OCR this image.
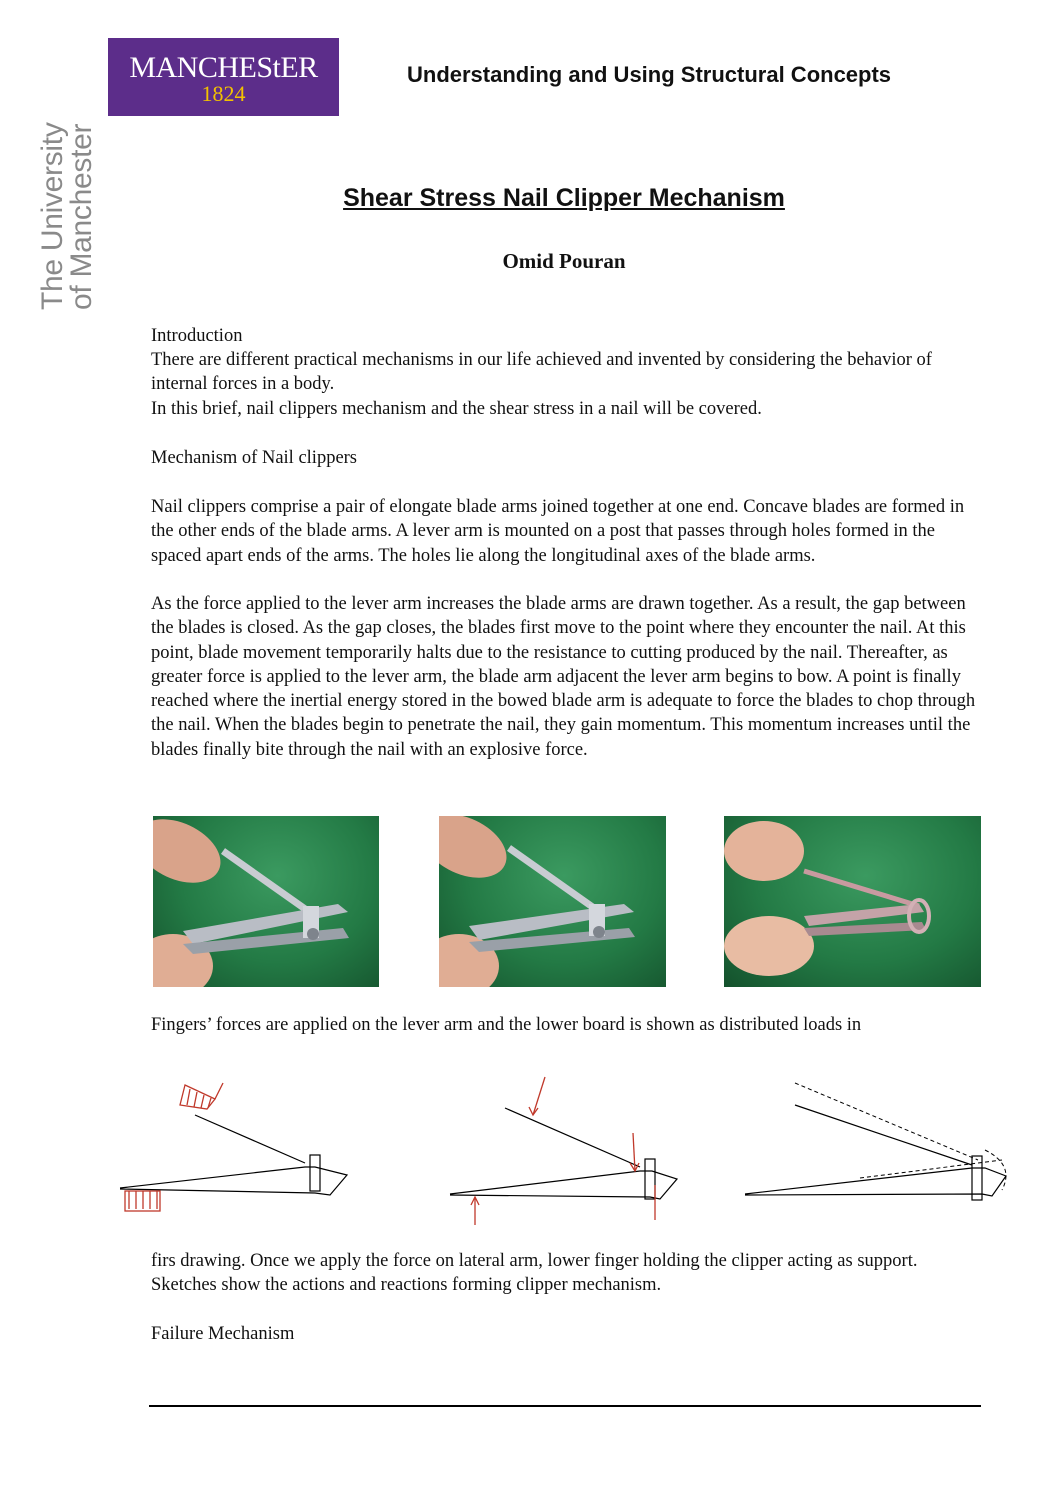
MANCHEStER
1824
The University
of Manchester
Understanding and Using Structural Concepts
Shear Stress Nail Clipper Mechanism
Omid Pouran

Introduction

There are different practical mechanisms in our life achieved and invented by considering the behavior of internal forces in a body.

In this brief, nail clippers mechanism and the shear stress in a nail will be covered.

Mechanism of Nail clippers

Nail clippers comprise a pair of elongate blade arms joined together at one end. Concave blades are formed in the other ends of the blade arms. A lever arm is mounted on a post that passes through holes formed in the spaced apart ends of the arms. The holes lie along the longitudinal axes of the blade arms.

As the force applied to the lever arm increases the blade arms are drawn together. As a result, the gap between the blades is closed. As the gap closes, the blades first move to the point where they encounter the nail. At this point, blade movement temporarily halts due to the resistance to cutting produced by the nail. Thereafter, as greater force is applied to the lever arm, the blade arm adjacent the lever arm begins to bow. A point is finally reached where the inertial energy stored in the bowed blade arm is adequate to force the blades to chop through the nail. When the blades begin to penetrate the nail, they gain momentum. This momentum increases until the blades finally bite through the nail with an explosive force.

Fingers’ forces are applied on the lever arm and the lower board is shown as distributed loads in

firs drawing. Once we apply the force on lateral arm, lower finger holding the clipper acting as support. Sketches show the actions and reactions forming clipper mechanism.

Failure Mechanism
